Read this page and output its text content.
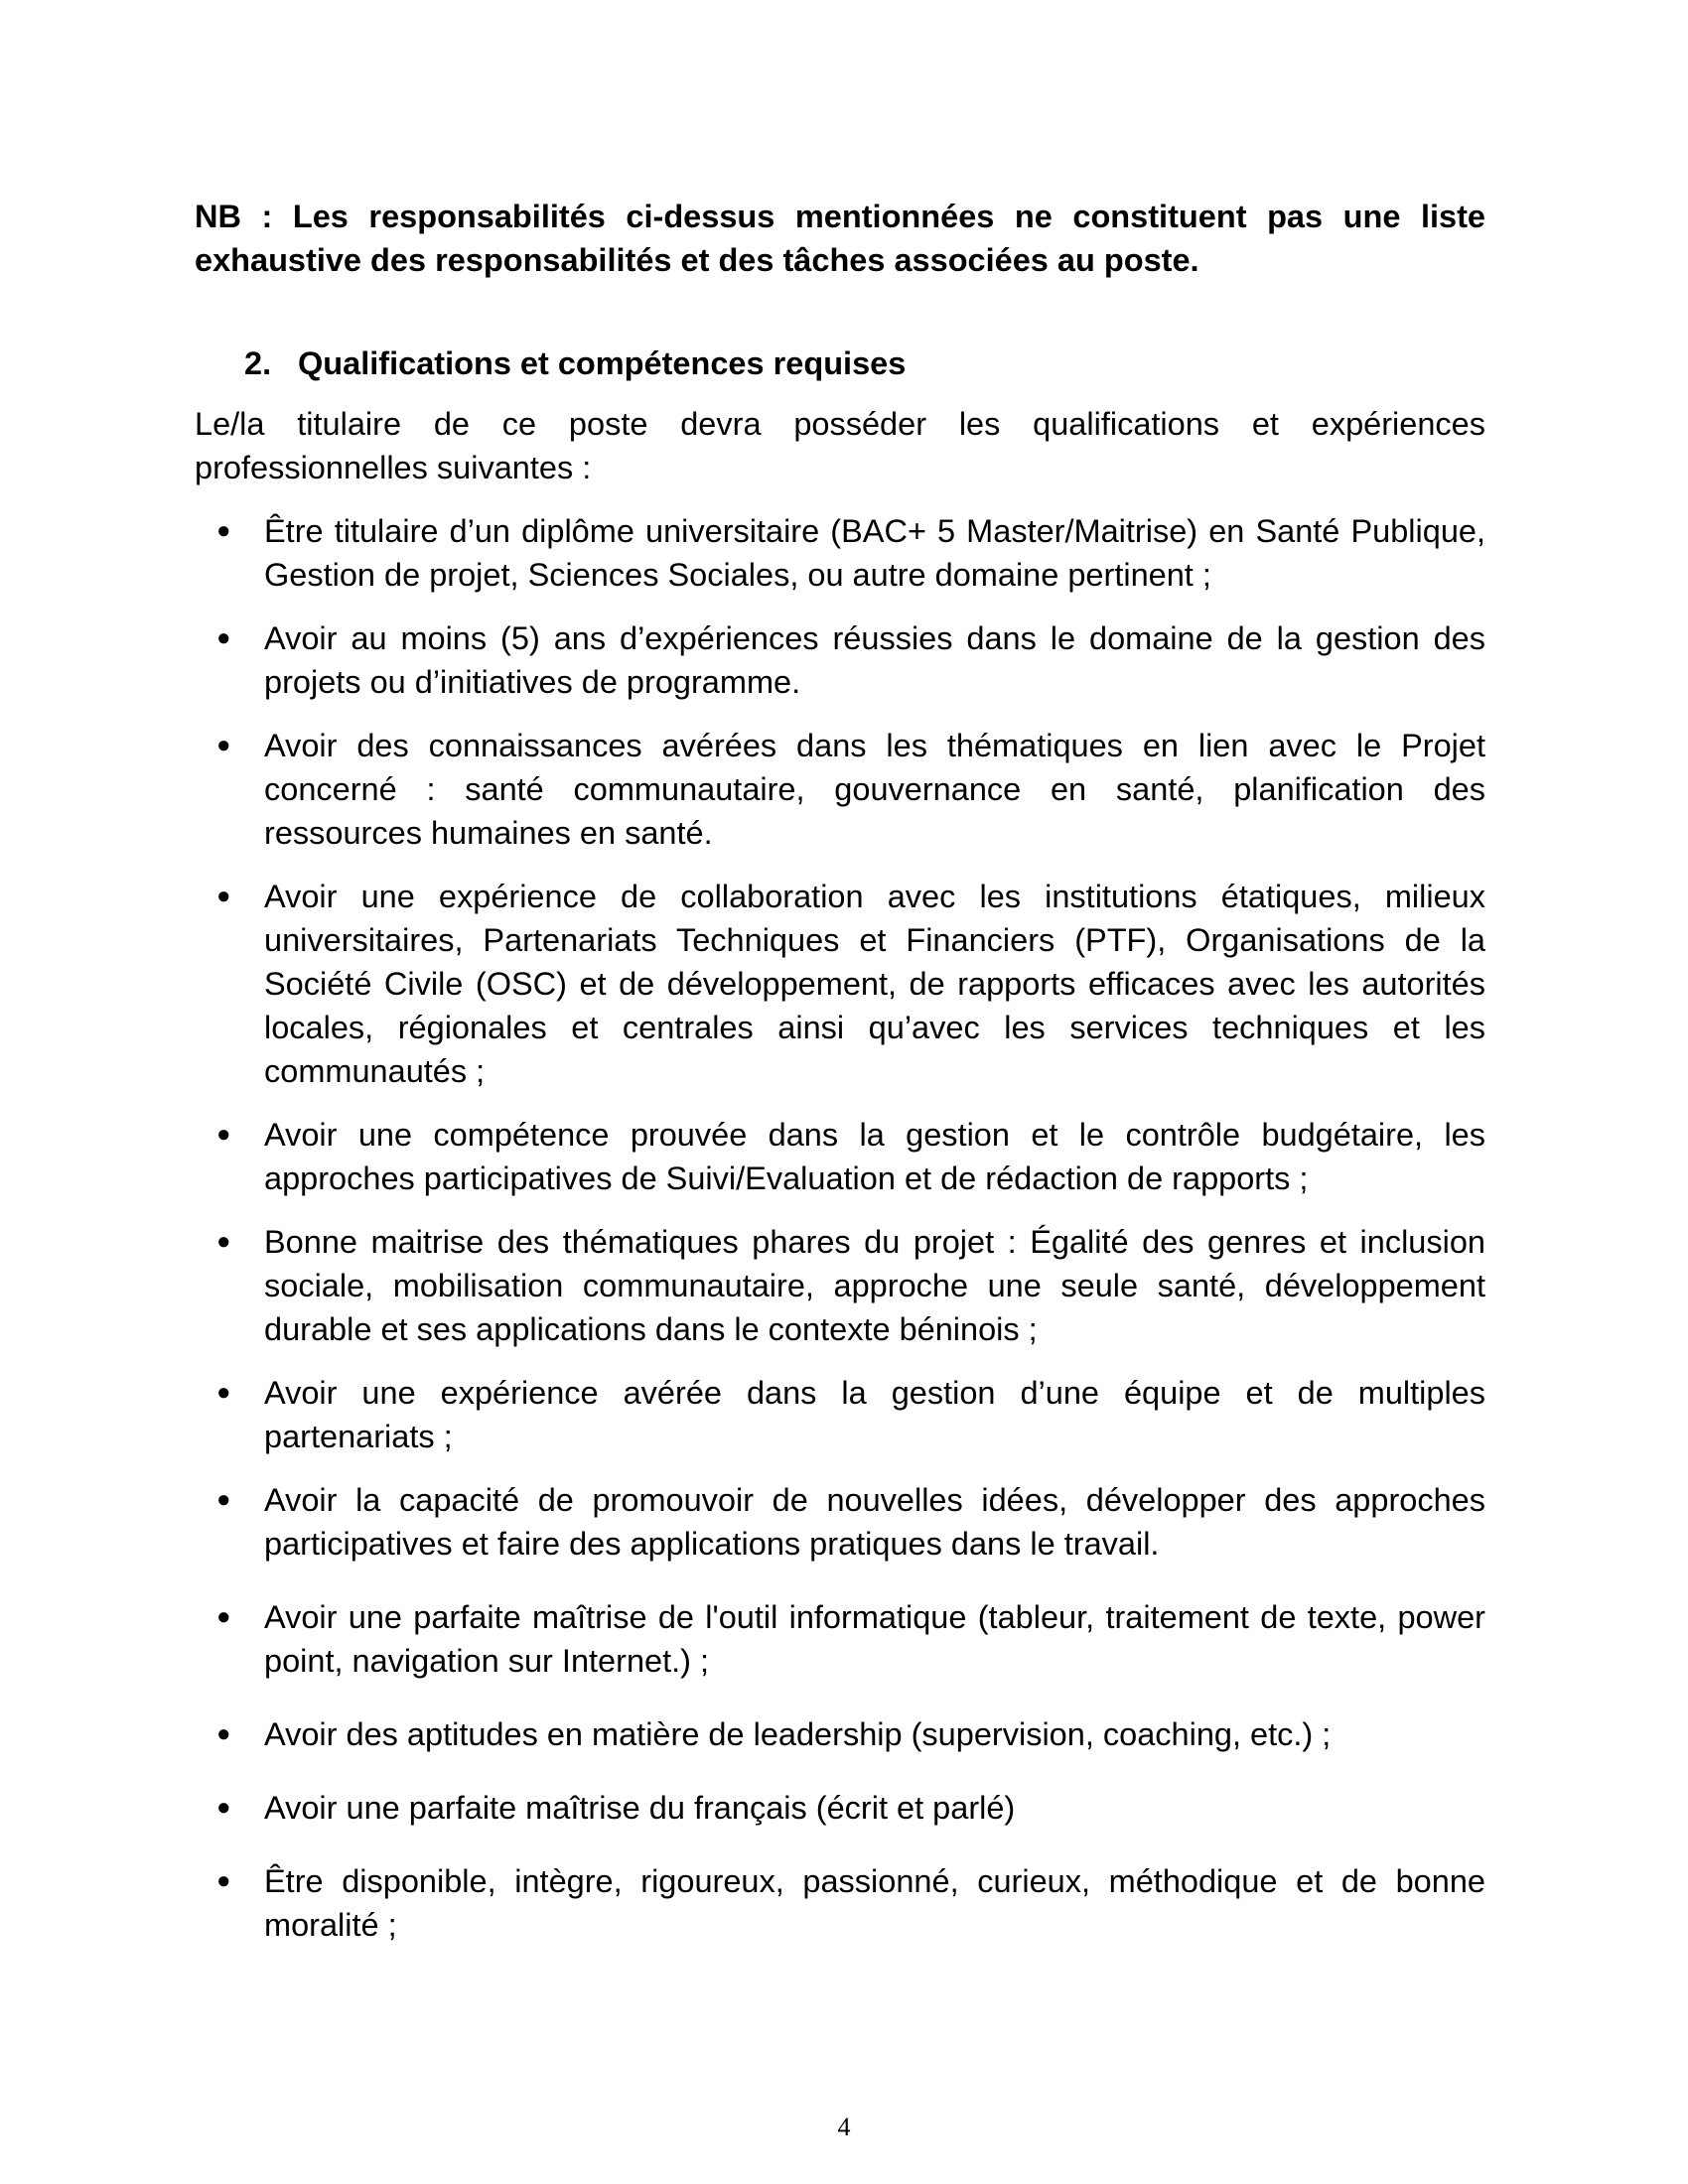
NB : Les responsabilités ci-dessus mentionnées ne constituent pas une liste exhaustive des responsabilités et des tâches associées au poste.

2. Qualifications et compétences requises

Le/la titulaire de ce poste devra posséder les qualifications et expériences professionnelles suivantes :

● Être titulaire d’un diplôme universitaire (BAC+ 5 Master/Maitrise) en Santé Publique, Gestion de projet, Sciences Sociales, ou autre domaine pertinent ;
● Avoir au moins (5) ans d’expériences réussies dans le domaine de la gestion des projets ou d’initiatives de programme.
● Avoir des connaissances avérées dans les thématiques en lien avec le Projet concerné : santé communautaire, gouvernance en santé, planification des ressources humaines en santé.
● Avoir une expérience de collaboration avec les institutions étatiques, milieux universitaires, Partenariats Techniques et Financiers (PTF), Organisations de la Société Civile (OSC) et de développement, de rapports efficaces avec les autorités locales, régionales et centrales ainsi qu’avec les services techniques et les communautés ;
● Avoir une compétence prouvée dans la gestion et le contrôle budgétaire, les approches participatives de Suivi/Evaluation et de rédaction de rapports ;
● Bonne maitrise des thématiques phares du projet : Égalité des genres et inclusion sociale, mobilisation communautaire, approche une seule santé, développement durable et ses applications dans le contexte béninois ;
● Avoir une expérience avérée dans la gestion d’une équipe et de multiples partenariats ;
● Avoir la capacité de promouvoir de nouvelles idées, développer des approches participatives et faire des applications pratiques dans le travail.
● Avoir une parfaite maîtrise de l'outil informatique (tableur, traitement de texte, power point, navigation sur Internet.) ;
● Avoir des aptitudes en matière de leadership (supervision, coaching, etc.) ;
● Avoir une parfaite maîtrise du français (écrit et parlé)
● Être disponible, intègre, rigoureux, passionné, curieux, méthodique et de bonne moralité ;
4
